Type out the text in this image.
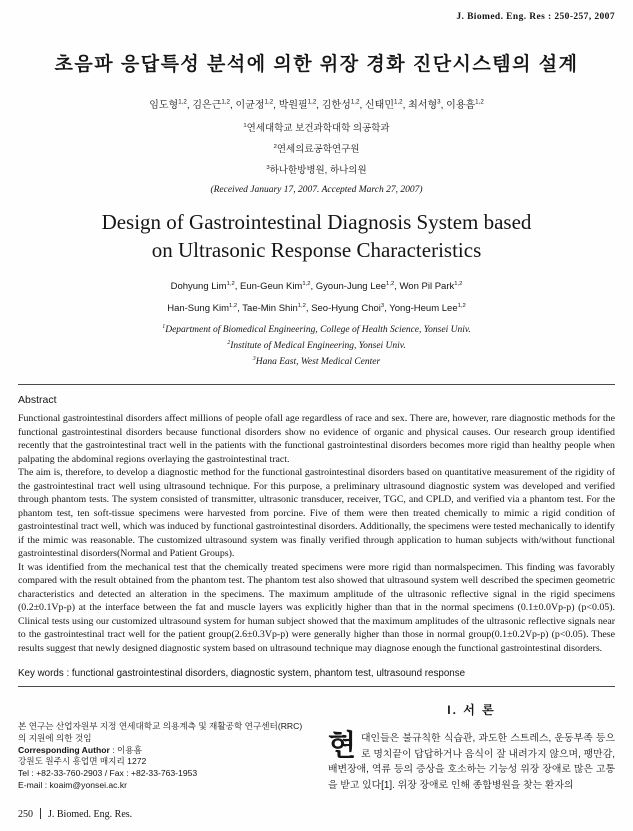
J. Biomed. Eng. Res : 250-257, 2007
초음파 응답특성 분석에 의한 위장 경화 진단시스템의 설계
임도형$^{1,2}$, 김은근$^{1,2}$, 이균정$^{1,2}$, 박원필$^{1,2}$, 김한성$^{1,2}$, 신태민$^{1,2}$, 최서형$^3$, 이용흠$^{1,2}$
$^1$연세대학교 보건과학대학 의공학과
$^2$연세의료공학연구원
$^3$하나한방병원, 하나의원
(Received January 17, 2007. Accepted March 27, 2007)
Design of Gastrointestinal Diagnosis System based
on Ultrasonic Response Characteristics
Dohyung Lim$^{1,2}$, Eun-Geun Kim$^{1,2}$, Gyoun-Jung Lee$^{1,2}$, Won Pil Park$^{1,2}$
Han-Sung Kim$^{1,2}$, Tae-Min Shin$^{1,2}$, Seo-Hyung Choi$^3$, Yong-Heum Lee$^{1,2}$
$^1$Department of Biomedical Engineering, College of Health Science, Yonsei Univ.
$^2$Institute of Medical Engineering, Yonsei Univ.
$^3$Hana East, West Medical Center
Abstract

Functional gastrointestinal disorders affect millions of people ofall age regardless of race and sex. There are, however, rare diagnostic methods for the functional gastrointestinal disorders because functional disorders show no evidence of organic and physical causes. Our research group identified recently that the gastrointestinal tract well in the patients with the functional gastrointestinal disorders becomes more rigid than healthy people when palpating the abdominal regions overlaying the gastrointestinal tract.

The aim is, therefore, to develop a diagnostic method for the functional gastrointestinal disorders based on quantitative measurement of the rigidity of the gastrointestinal tract well using ultrasound technique. For this purpose, a preliminary ultrasound diagnostic system was developed and verified through phantom tests. The system consisted of transmitter, ultrasonic transducer, receiver, TGC, and CPLD, and verified via a phantom test. For the phantom test, ten soft-tissue specimens were harvested from porcine. Five of them were then treated chemically to mimic a rigid condition of gastrointestinal tract well, which was induced by functional gastrointestinal disorders. Additionally, the specimens were tested mechanically to identify if the mimic was reasonable. The customized ultrasound system was finally verified through application to human subjects with/without functional gastrointestinal disorders(Normal and Patient Groups).

It was identified from the mechanical test that the chemically treated specimens were more rigid than normalspecimen. This finding was favorably compared with the result obtained from the phantom test. The phantom test also showed that ultrasound system well described the specimen geometric characteristics and detected an alteration in the specimens. The maximum amplitude of the ultrasonic reflective signal in the rigid specimens (0.2±0.1Vp-p) at the interface between the fat and muscle layers was explicitly higher than that in the normal specimens (0.1±0.0Vp-p) (p<0.05). Clinical tests using our customized ultrasound system for human subject showed that the maximum amplitudes of the ultrasonic reflective signals near to the gastrointestinal tract well for the patient group(2.6±0.3Vp-p) were generally higher than those in normal group(0.1±0.2Vp-p) (p<0.05). These results suggest that newly designed diagnostic system based on ultrasound technique may diagnose enough the functional gastrointestinal disorders.

Key words : functional gastrointestinal disorders, diagnostic system, phantom test, ultrasound response
본 연구는 산업자원부 지정 연세대학교 의용계측 및 재활공학 연구센터(RRC)의 지원에 의한 것임
Corresponding Author : 이용흠
강원도 원주시 흥업면 매지리 1272
Tel : +82-33-760-2903 / Fax : +82-33-763-1953
E-mail : koaim@yonsei.ac.kr
I. 서 론
현대인들은 불규칙한 식습관, 과도한 스트레스, 운동부족 등으로 명치끝이 답답하거나 음식이 잘 내려가지 않으며, 팽만감, 배변장애, 역류 등의 증상을 호소하는 기능성 위장 장애로 많은 고통을 받고 있다[1]. 위장 장애로 인해 종합병원을 찾는 환자의
250 J. Biomed. Eng. Res.
